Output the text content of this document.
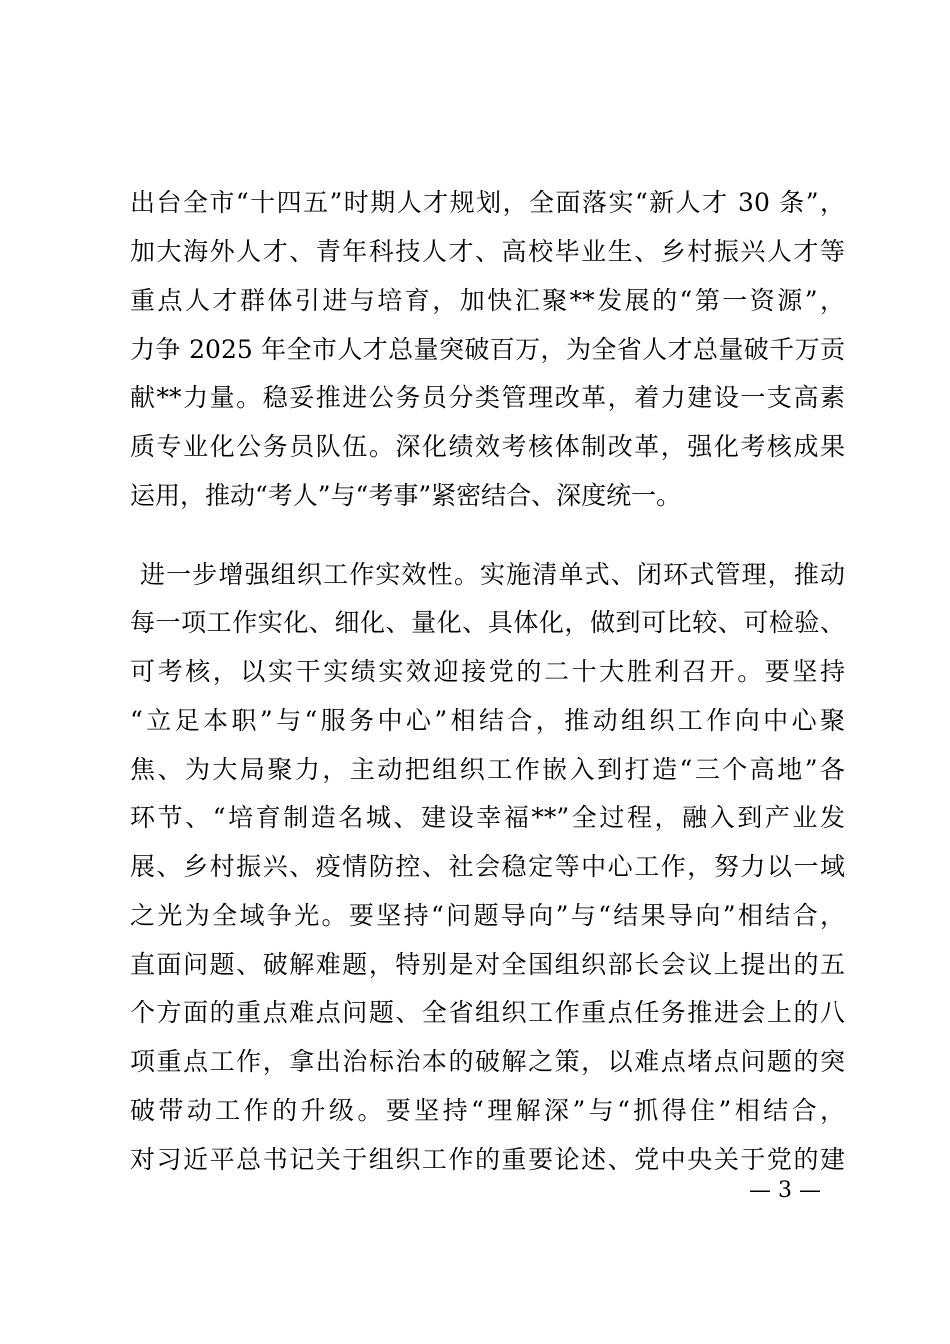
出台全市“十四五”时期人才规划，全面落实“新人才 30 条”，
加大海外人才、青年科技人才、高校毕业生、乡村振兴人才等
重点人才群体引进与培育，加快汇聚**发展的“第一资源”，
力争 2025 年全市人才总量突破百万，为全省人才总量破千万贡
献**力量。稳妥推进公务员分类管理改革，着力建设一支高素
质专业化公务员队伍。深化绩效考核体制改革，强化考核成果
运用，推动“考人”与“考事”紧密结合、深度统一。
进一步增强组织工作实效性。实施清单式、闭环式管理，推动
每一项工作实化、细化、量化、具体化，做到可比较、可检验、
可考核，以实干实绩实效迎接党的二十大胜利召开。要坚持
“立足本职”与“服务中心”相结合，推动组织工作向中心聚
焦、为大局聚力，主动把组织工作嵌入到打造“三个高地”各
环节、“培育制造名城、建设幸福**”全过程，融入到产业发
展、乡村振兴、疫情防控、社会稳定等中心工作，努力以一域
之光为全域争光。要坚持“问题导向”与“结果导向”相结合，
直面问题、破解难题，特别是对全国组织部长会议上提出的五
个方面的重点难点问题、全省组织工作重点任务推进会上的八
项重点工作，拿出治标治本的破解之策，以难点堵点问题的突
破带动工作的升级。要坚持“理解深”与“抓得住”相结合，
对习近平总书记关于组织工作的重要论述、党中央关于党的建
— 3 —
